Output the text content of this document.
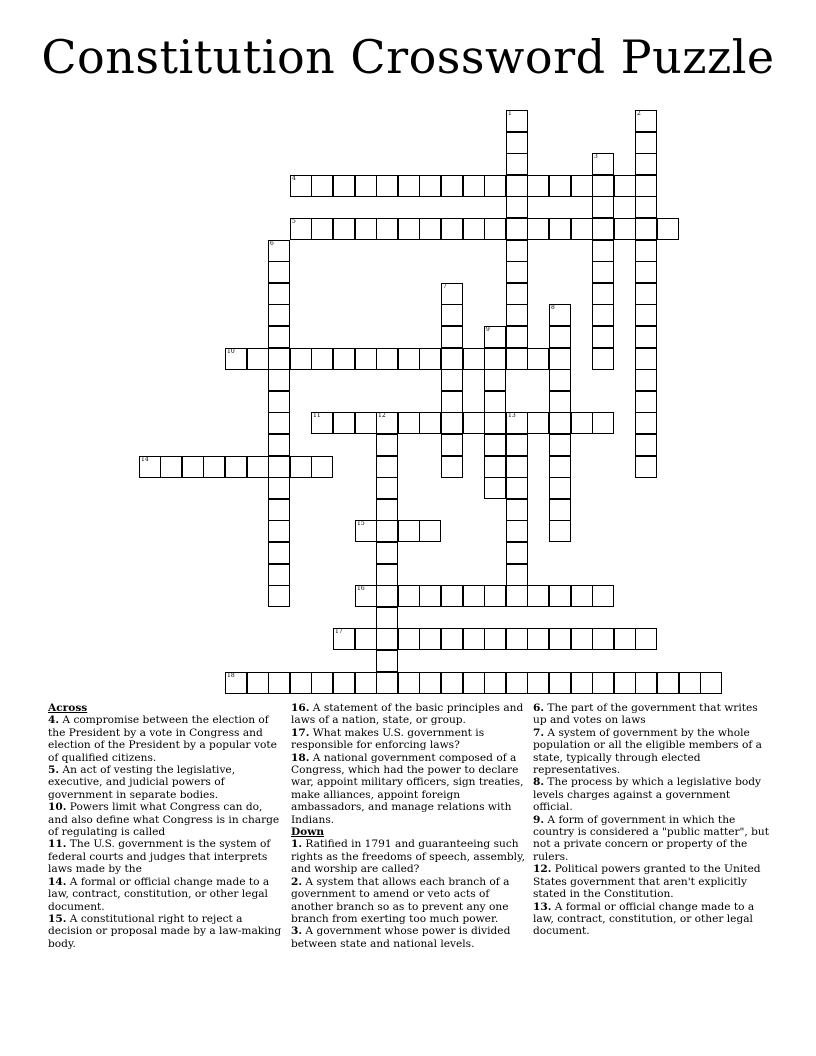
Constitution Crossword Puzzle
1	2
3
4
5
6
7
8
9
10
11	12	13
14
15
16
17
18

Across

4. A compromise between the election of the President by a vote in Congress and election of the President by a popular vote of qualified citizens.

5. An act of vesting the legislative, executive, and judicial powers of government in separate bodies.

10. Powers limit what Congress can do, and also define what Congress is in charge of regulating is called

11. The U.S. government is the system of federal courts and judges that interprets laws made by the

14. A formal or official change made to a law, contract, constitution, or other legal document.

15. A constitutional right to reject a decision or proposal made by a law-making body.

16. A statement of the basic principles and laws of a nation, state, or group.

17. What makes U.S. government is responsible for enforcing laws?

18. A national government composed of a Congress, which had the power to declare war, appoint military officers, sign treaties, make alliances, appoint foreign ambassadors, and manage relations with Indians.

Down

1. Ratified in 1791 and guaranteeing such rights as the freedoms of speech, assembly, and worship are called?

2. A system that allows each branch of a government to amend or veto acts of another branch so as to prevent any one branch from exerting too much power.

3. A government whose power is divided between state and national levels.

6. The part of the government that writes up and votes on laws

7. A system of government by the whole population or all the eligible members of a state, typically through elected representatives.

8. The process by which a legislative body levels charges against a government official.

9. A form of government in which the country is considered a "public matter", but not a private concern or property of the rulers.

12. Political powers granted to the United States government that aren't explicitly stated in the Constitution.

13. A formal or official change made to a law, contract, constitution, or other legal document.
